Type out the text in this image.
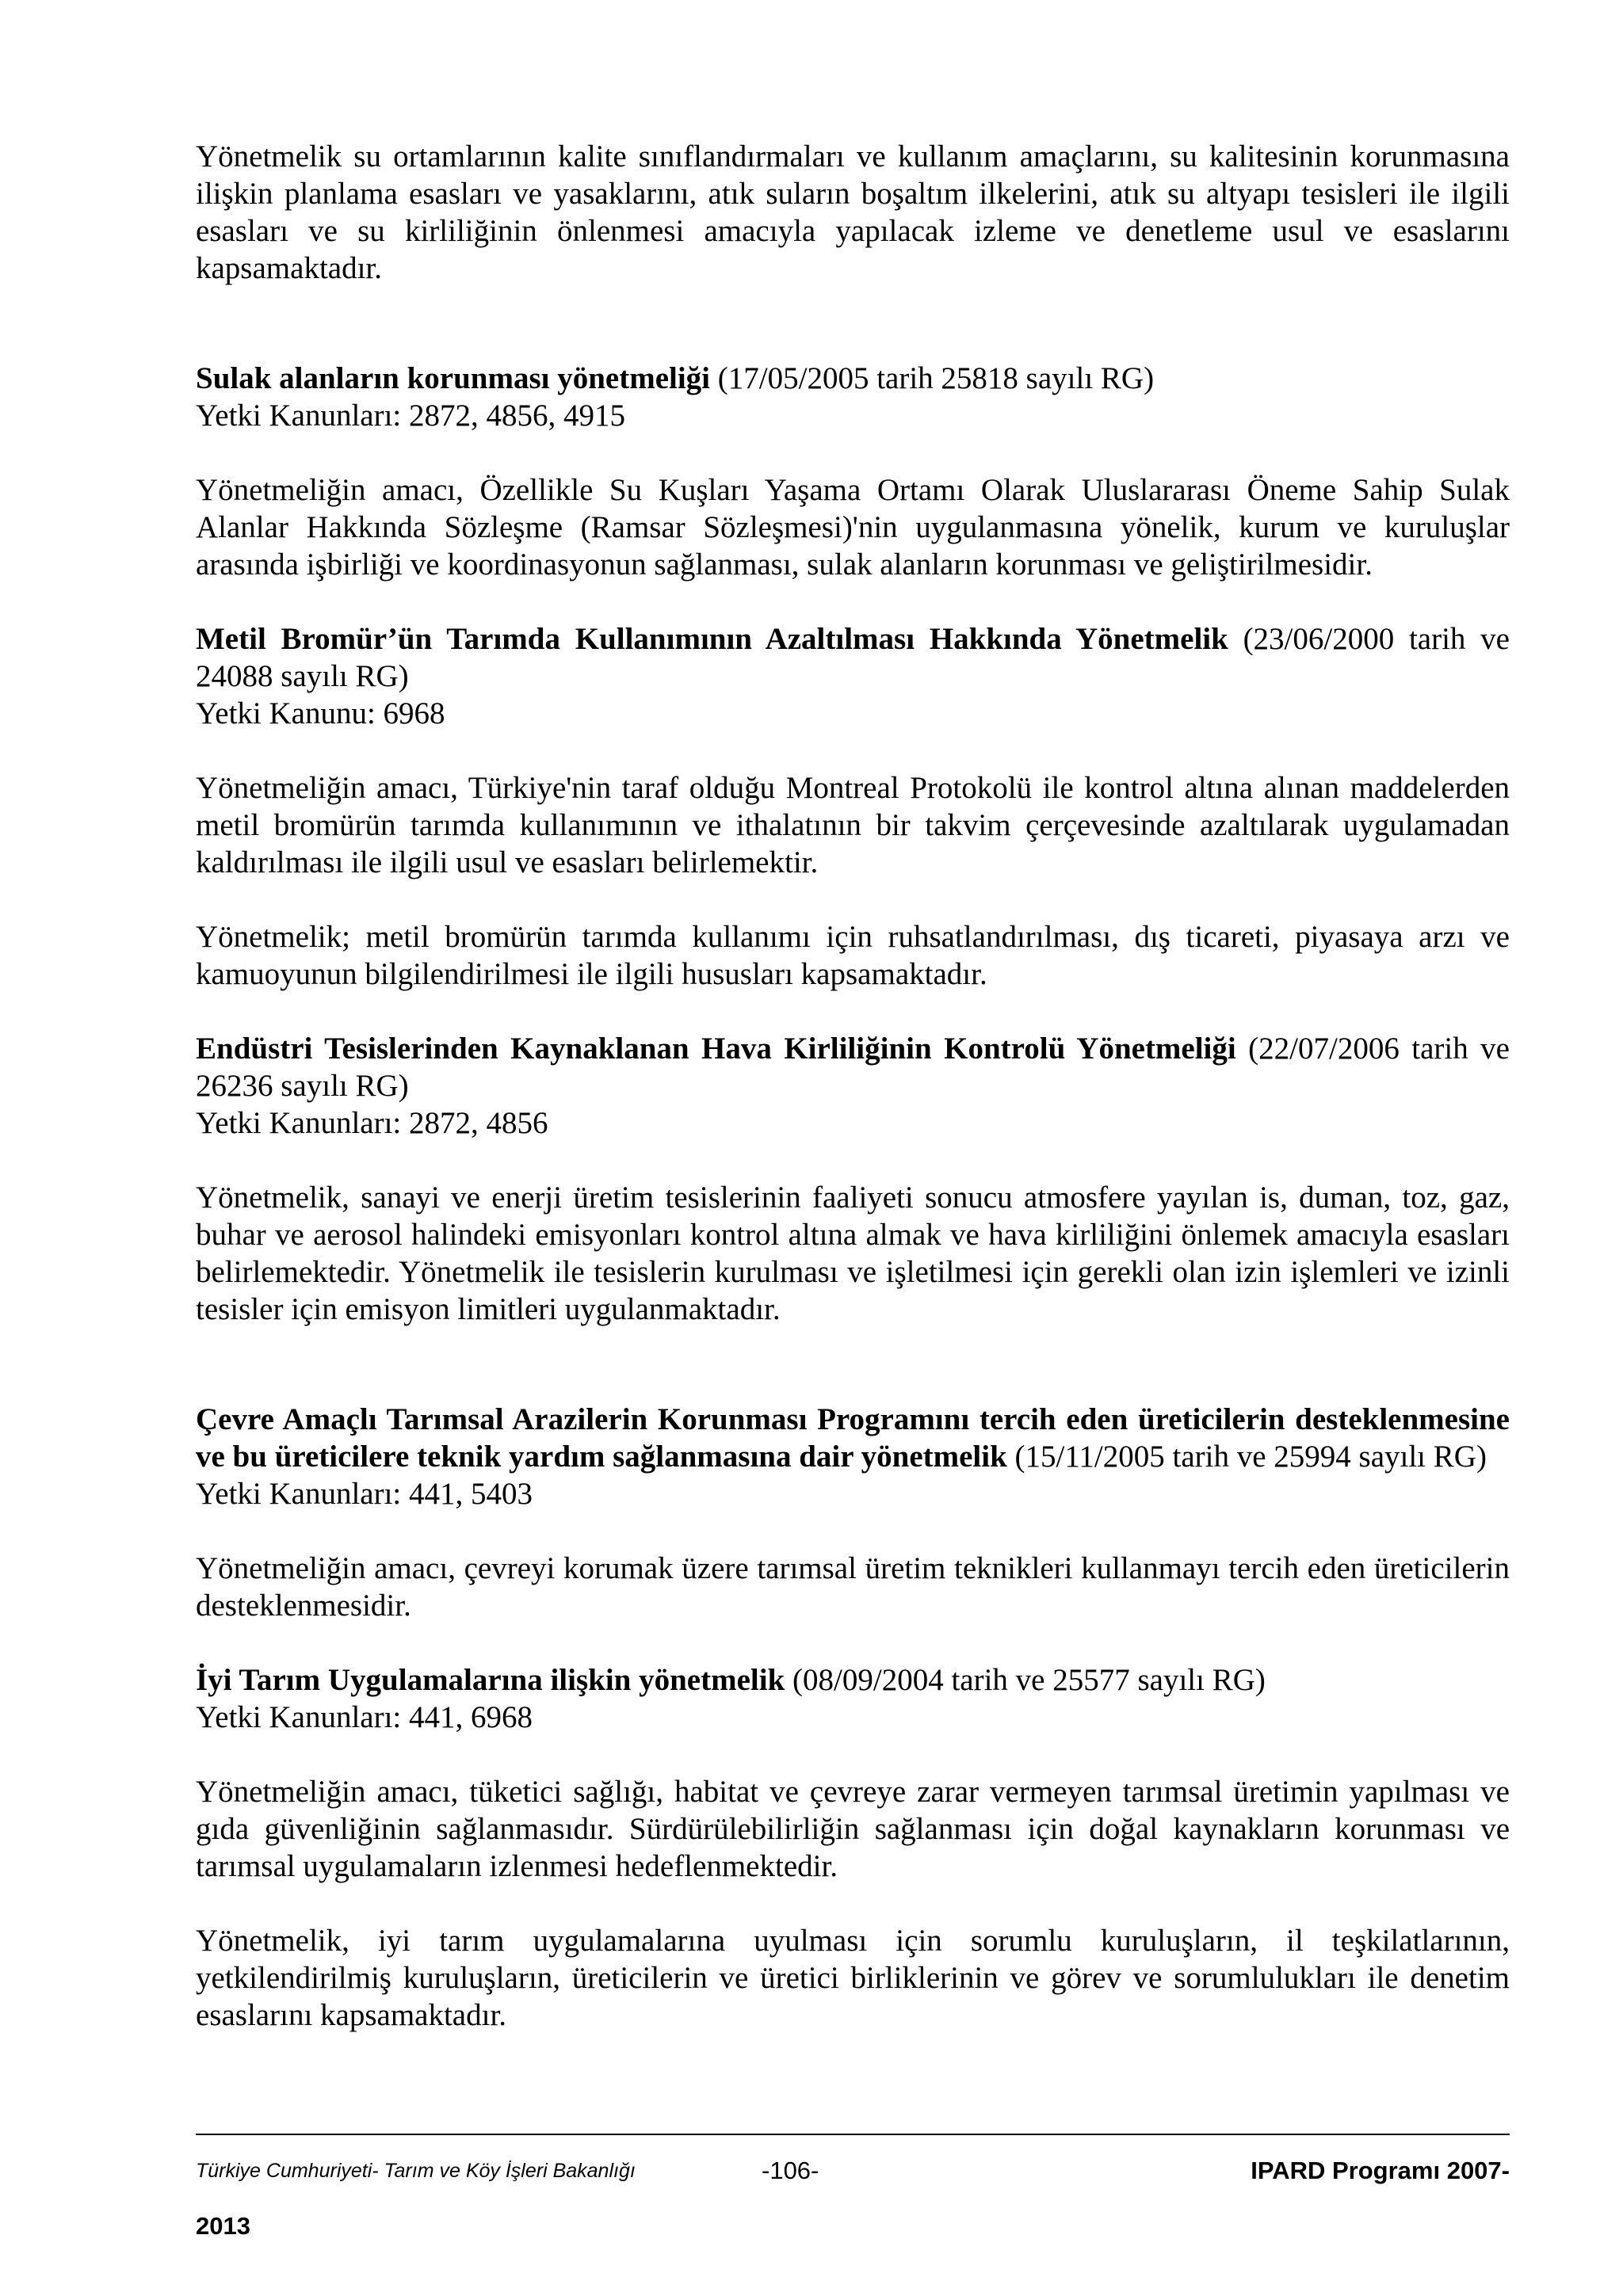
Yönetmelik su ortamlarının kalite sınıflandırmaları ve kullanım amaçlarını, su kalitesinin korunmasına ilişkin planlama esasları ve yasaklarını, atık suların boşaltım ilkelerini, atık su altyapı tesisleri ile ilgili esasları ve su kirliliğinin önlenmesi amacıyla yapılacak izleme ve denetleme usul ve esaslarını kapsamaktadır.

Sulak alanların korunması yönetmeliği (17/05/2005 tarih 25818 sayılı RG)

Yetki Kanunları: 2872, 4856, 4915

Yönetmeliğin amacı, Özellikle Su Kuşları Yaşama Ortamı Olarak Uluslararası Öneme Sahip Sulak Alanlar Hakkında Sözleşme (Ramsar Sözleşmesi)'nin uygulanmasına yönelik, kurum ve kuruluşlar arasında işbirliği ve koordinasyonun sağlanması, sulak alanların korunması ve geliştirilmesidir.

Metil Bromür’ün Tarımda Kullanımının Azaltılması Hakkında Yönetmelik (23/06/2000 tarih ve 24088 sayılı RG)

Yetki Kanunu: 6968

Yönetmeliğin amacı, Türkiye'nin taraf olduğu Montreal Protokolü ile kontrol altına alınan maddelerden metil bromürün tarımda kullanımının ve ithalatının bir takvim çerçevesinde azaltılarak uygulamadan kaldırılması ile ilgili usul ve esasları belirlemektir.

Yönetmelik; metil bromürün tarımda kullanımı için ruhsatlandırılması, dış ticareti, piyasaya arzı ve kamuoyunun bilgilendirilmesi ile ilgili hususları kapsamaktadır.

Endüstri Tesislerinden Kaynaklanan Hava Kirliliğinin Kontrolü Yönetmeliği (22/07/2006 tarih ve 26236 sayılı RG)

Yetki Kanunları: 2872, 4856

Yönetmelik, sanayi ve enerji üretim tesislerinin faaliyeti sonucu atmosfere yayılan is, duman, toz, gaz, buhar ve aerosol halindeki emisyonları kontrol altına almak ve hava kirliliğini önlemek amacıyla esasları belirlemektedir. Yönetmelik ile tesislerin kurulması ve işletilmesi için gerekli olan izin işlemleri ve izinli tesisler için emisyon limitleri uygulanmaktadır.

Çevre Amaçlı Tarımsal Arazilerin Korunması Programını tercih eden üreticilerin desteklenmesine ve bu üreticilere teknik yardım sağlanmasına dair yönetmelik (15/11/2005 tarih ve 25994 sayılı RG)

Yetki Kanunları: 441, 5403

Yönetmeliğin amacı, çevreyi korumak üzere tarımsal üretim teknikleri kullanmayı tercih eden üreticilerin desteklenmesidir.

İyi Tarım Uygulamalarına ilişkin yönetmelik (08/09/2004 tarih ve 25577 sayılı RG)

Yetki Kanunları: 441, 6968

Yönetmeliğin amacı, tüketici sağlığı, habitat ve çevreye zarar vermeyen tarımsal üretimin yapılması ve gıda güvenliğinin sağlanmasıdır. Sürdürülebilirliğin sağlanması için doğal kaynakların korunması ve tarımsal uygulamaların izlenmesi hedeflenmektedir.

Yönetmelik, iyi tarım uygulamalarına uyulması için sorumlu kuruluşların, il teşkilatlarının, yetkilendirilmiş kuruluşların, üreticilerin ve üretici birliklerinin ve görev ve sorumlulukları ile denetim esaslarını kapsamaktadır.

Türkiye Cumhuriyeti- Tarım ve Köy İşleri Bakanlığı	-106-	IPARD Programı 2007-
2013
